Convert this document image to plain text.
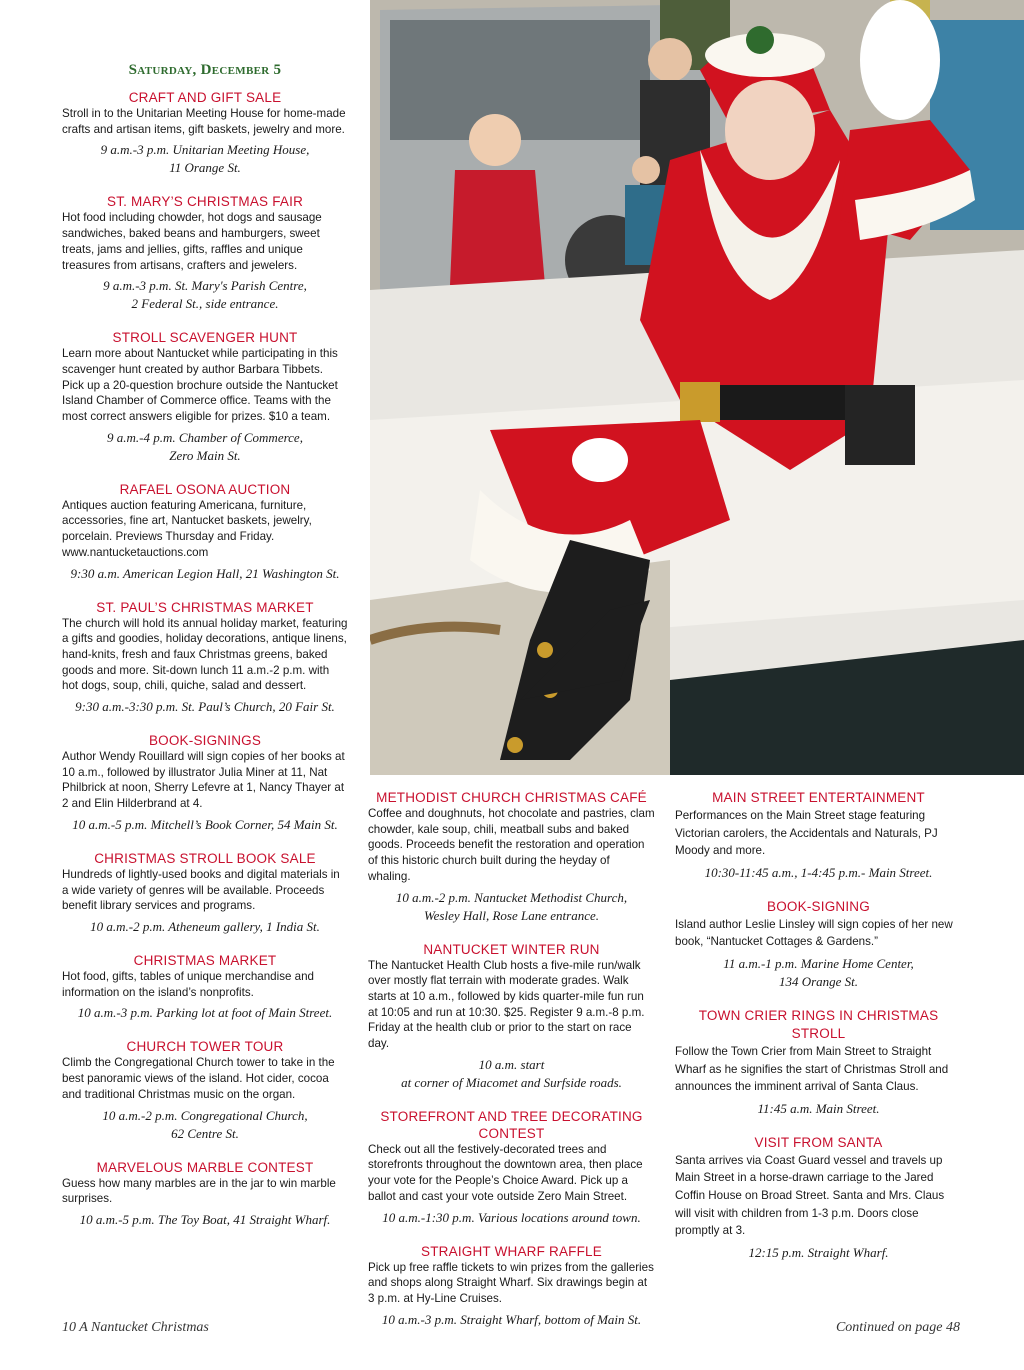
Saturday, December 5
CRAFT AND GIFT SALE

Stroll in to the Unitarian Meeting House for home-made crafts and artisan items, gift baskets, jewelry and more.

9 a.m.-3 p.m. Unitarian Meeting House,
11 Orange St.
ST. MARY’S CHRISTMAS FAIR

Hot food including chowder, hot dogs and sausage sandwiches, baked beans and hamburgers, sweet treats, jams and jellies, gifts, raffles and unique treasures from artisans, crafters and jewelers.

9 a.m.-3 p.m. St. Mary's Parish Centre,
2 Federal St., side entrance.
STROLL SCAVENGER HUNT

Learn more about Nantucket while participating in this scavenger hunt created by author Barbara Tibbets. Pick up a 20-question brochure outside the Nantucket Island Chamber of Commerce office. Teams with the most correct answers eligible for prizes. $10 a team.

9 a.m.-4 p.m. Chamber of Commerce,
Zero Main St.
RAFAEL OSONA AUCTION

Antiques auction featuring Americana, furniture, accessories, fine art, Nantucket baskets, jewelry, porcelain. Previews Thursday and Friday. www.nantucketauctions.com

9:30 a.m. American Legion Hall, 21 Washington St.
ST. PAUL’S CHRISTMAS MARKET

The church will hold its annual holiday market, featuring a gifts and goodies, holiday decorations, antique linens, hand-knits, fresh and faux Christmas greens, baked goods and more. Sit-down lunch 11 a.m.-2 p.m. with hot dogs, soup, chili, quiche, salad and dessert.

9:30 a.m.-3:30 p.m. St. Paul’s Church, 20 Fair St.
BOOK-SIGNINGS

Author Wendy Rouillard will sign copies of her books at 10 a.m., followed by illustrator Julia Miner at 11, Nat Philbrick at noon, Sherry Lefevre at 1, Nancy Thayer at 2 and Elin Hilderbrand at 4.

10 a.m.-5 p.m. Mitchell’s Book Corner, 54 Main St.
CHRISTMAS STROLL BOOK SALE

Hundreds of lightly-used books and digital materials in a wide variety of genres will be available. Proceeds benefit library services and programs.

10 a.m.-2 p.m. Atheneum gallery, 1 India St.
CHRISTMAS MARKET

Hot food, gifts, tables of unique merchandise and information on the island’s nonprofits.

10 a.m.-3 p.m. Parking lot at foot of Main Street.
CHURCH TOWER TOUR

Climb the Congregational Church tower to take in the best panoramic views of the island. Hot cider, cocoa and traditional Christmas music on the organ.

10 a.m.-2 p.m. Congregational Church,
62 Centre St.
MARVELOUS MARBLE CONTEST

Guess how many marbles are in the jar to win marble surprises.

10 a.m.-5 p.m. The Toy Boat, 41 Straight Wharf.
METHODIST CHURCH CHRISTMAS CAFÉ

Coffee and doughnuts, hot chocolate and pastries, clam chowder, kale soup, chili, meatball subs and baked goods. Proceeds benefit the restoration and operation of this historic church built during the heyday of whaling.

10 a.m.-2 p.m. Nantucket Methodist Church,
Wesley Hall, Rose Lane entrance.
NANTUCKET WINTER RUN

The Nantucket Health Club hosts a five-mile run/walk over mostly flat terrain with moderate grades. Walk starts at 10 a.m., followed by kids quarter-mile fun run at 10:05 and run at 10:30. $25. Register 9 a.m.-8 p.m. Friday at the health club or prior to the start on race day.

10 a.m. start
at corner of Miacomet and Surfside roads.
STOREFRONT AND TREE DECORATING CONTEST

Check out all the festively-decorated trees and storefronts throughout the downtown area, then place your vote for the People’s Choice Award. Pick up a ballot and cast your vote outside Zero Main Street.

10 a.m.-1:30 p.m. Various locations around town.
STRAIGHT WHARF RAFFLE

Pick up free raffle tickets to win prizes from the galleries and shops along Straight Wharf. Six drawings begin at 3 p.m. at Hy-Line Cruises.

10 a.m.-3 p.m. Straight Wharf, bottom of Main St.
MAIN STREET ENTERTAINMENT

Performances on the Main Street stage featuring Victorian carolers, the Accidentals and Naturals, PJ Moody and more.

10:30-11:45 a.m., 1-4:45 p.m.- Main Street.
BOOK-SIGNING

Island author Leslie Linsley will sign copies of her new book, “Nantucket Cottages & Gardens.”

11 a.m.-1 p.m. Marine Home Center,
134 Orange St.
TOWN CRIER RINGS IN CHRISTMAS STROLL

Follow the Town Crier from Main Street to Straight Wharf as he signifies the start of Christmas Stroll and announces the imminent arrival of Santa Claus.

11:45 a.m. Main Street.
VISIT FROM SANTA

Santa arrives via Coast Guard vessel and travels up Main Street in a horse-drawn carriage to the Jared Coffin House on Broad Street. Santa and Mrs. Claus will visit with children from 1-3 p.m. Doors close promptly at 3.

12:15 p.m. Straight Wharf.
10 A Nantucket Christmas	Continued on page 48
